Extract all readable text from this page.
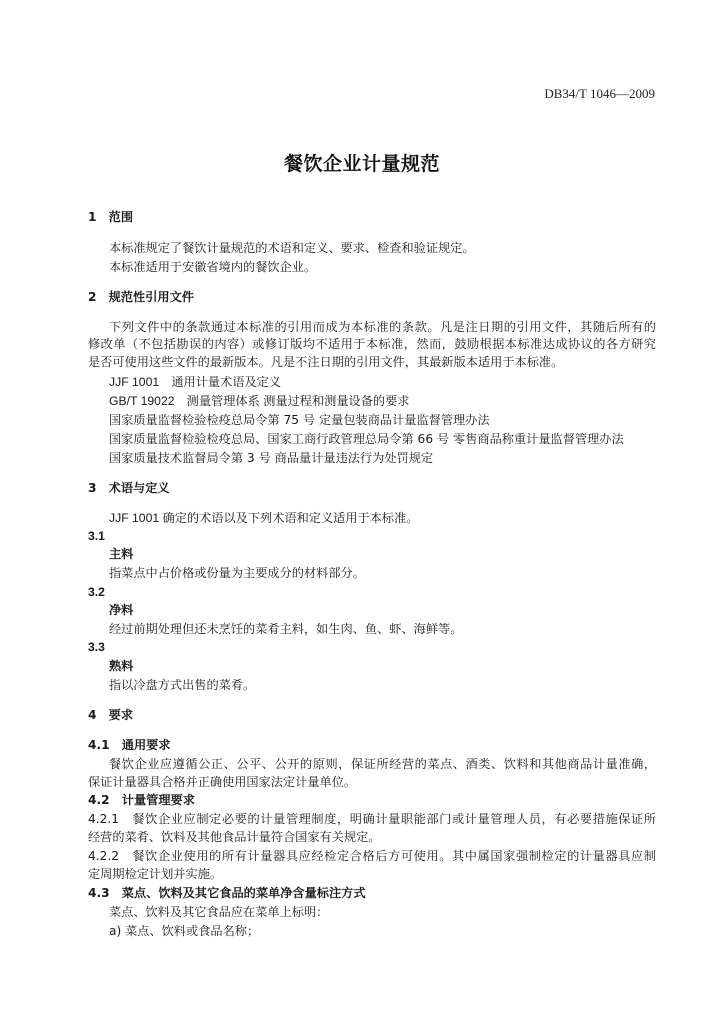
DB34/T 1046—2009
餐饮企业计量规范
1　范围
本标准规定了餐饮计量规范的术语和定义、要求、检查和验证规定。
本标准适用于安徽省境内的餐饮企业。
2　规范性引用文件
下列文件中的条款通过本标准的引用而成为本标准的条款。凡是注日期的引用文件，其随后所有的
修改单（不包括勘误的内容）或修订版均不适用于本标准，然而，鼓励根据本标准达成协议的各方研究
是否可使用这些文件的最新版本。凡是不注日期的引用文件，其最新版本适用于本标准。
JJF 1001　通用计量术语及定义
GB/T 19022　测量管理体系 测量过程和测量设备的要求
国家质量监督检验检疫总局令第 75 号 定量包装商品计量监督管理办法
国家质量监督检验检疫总局、国家工商行政管理总局令第 66 号 零售商品称重计量监督管理办法
国家质量技术监督局令第 3 号 商品量计量违法行为处罚规定
3　术语与定义
JJF 1001 确定的术语以及下列术语和定义适用于本标准。
3.1
主料
指菜点中占价格或份量为主要成分的材料部分。
3.2
净料
经过前期处理但还未烹饪的菜肴主料，如生肉、鱼、虾、海鲜等。
3.3
熟料
指以冷盘方式出售的菜肴。
4　要求
4.1　通用要求
餐饮企业应遵循公正、公平、公开的原则，保证所经营的菜点、酒类、饮料和其他商品计量准确，
保证计量器具合格并正确使用国家法定计量单位。
4.2　计量管理要求
4.2.1　餐饮企业应制定必要的计量管理制度，明确计量职能部门或计量管理人员，有必要措施保证所
经营的菜肴、饮料及其他食品计量符合国家有关规定。
4.2.2　餐饮企业使用的所有计量器具应经检定合格后方可使用。其中属国家强制检定的计量器具应制
定周期检定计划并实施。
4.3　菜点、饮料及其它食品的菜单净含量标注方式
菜点、饮料及其它食品应在菜单上标明：
a) 菜点、饮料或食品名称；
